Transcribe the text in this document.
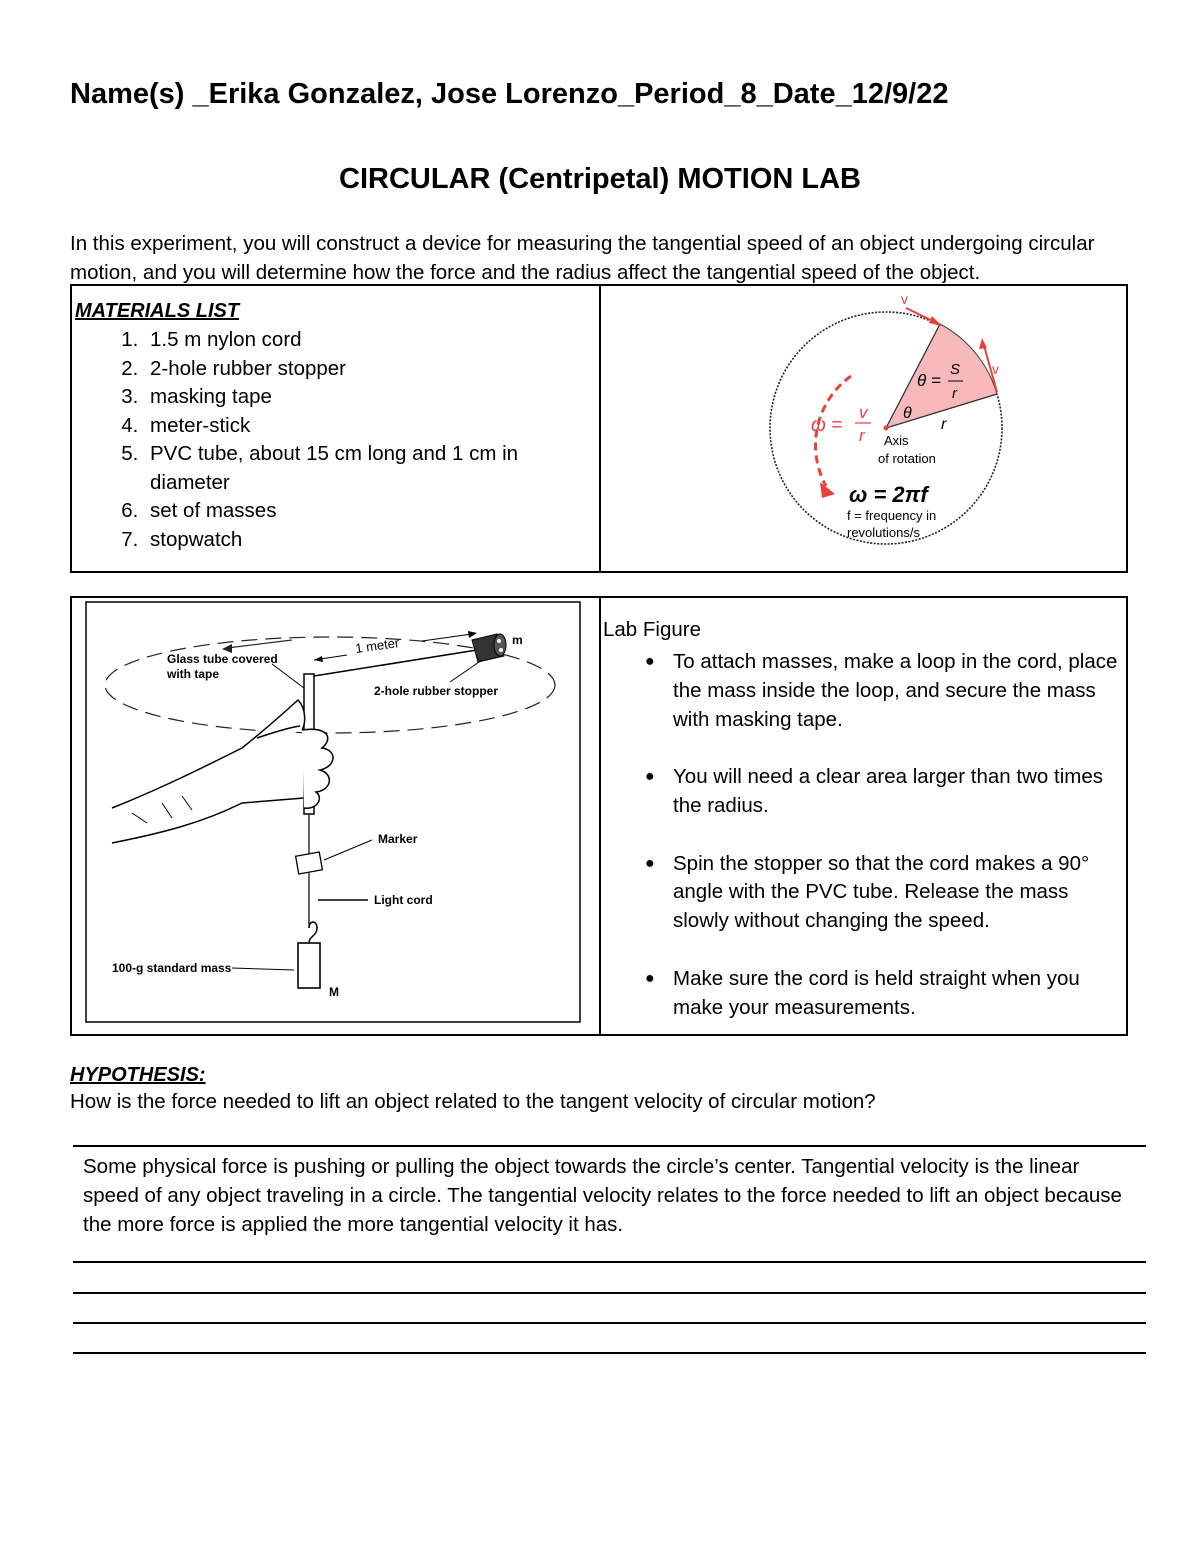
Name(s) _Erika Gonzalez, Jose Lorenzo_Period_8_Date_12/9/22
CIRCULAR (Centripetal) MOTION LAB
In this experiment, you will construct a device for measuring the tangential speed of an object undergoing circular motion, and you will determine how the force and the radius affect the tangential speed of the object.
MATERIALS LIST
1. 1.5 m nylon cord
2. 2-hole rubber stopper
3. masking tape
4. meter-stick
5. PVC tube, about 15 cm long and 1 cm in diameter
6. set of masses
7. stopwatch

v
v
θ =
S
r
θ
r
ω =
v
r Axis
of rotation
ω = 2πf
f = frequency in
revolutions/s
1 meter	m
Glass tube covered
with tape
2-hole rubber stopper
Marker
Light cord
100-g standard mass
M

Lab Figure
● To attach masses, make a loop in the cord, place the mass inside the loop, and secure the mass with masking tape.
● You will need a clear area larger than two times the radius.
● Spin the stopper so that the cord makes a 90° angle with the PVC tube. Release the mass slowly without changing the speed.
● Make sure the cord is held straight when you make your measurements.
HYPOTHESIS:
How is the force needed to lift an object related to the tangent velocity of circular motion?
Some physical force is pushing or pulling the object towards the circle’s center. Tangential velocity is the linear speed of any object traveling in a circle. The tangential velocity relates to the force needed to lift an object because the more force is applied the more tangential velocity it has.
